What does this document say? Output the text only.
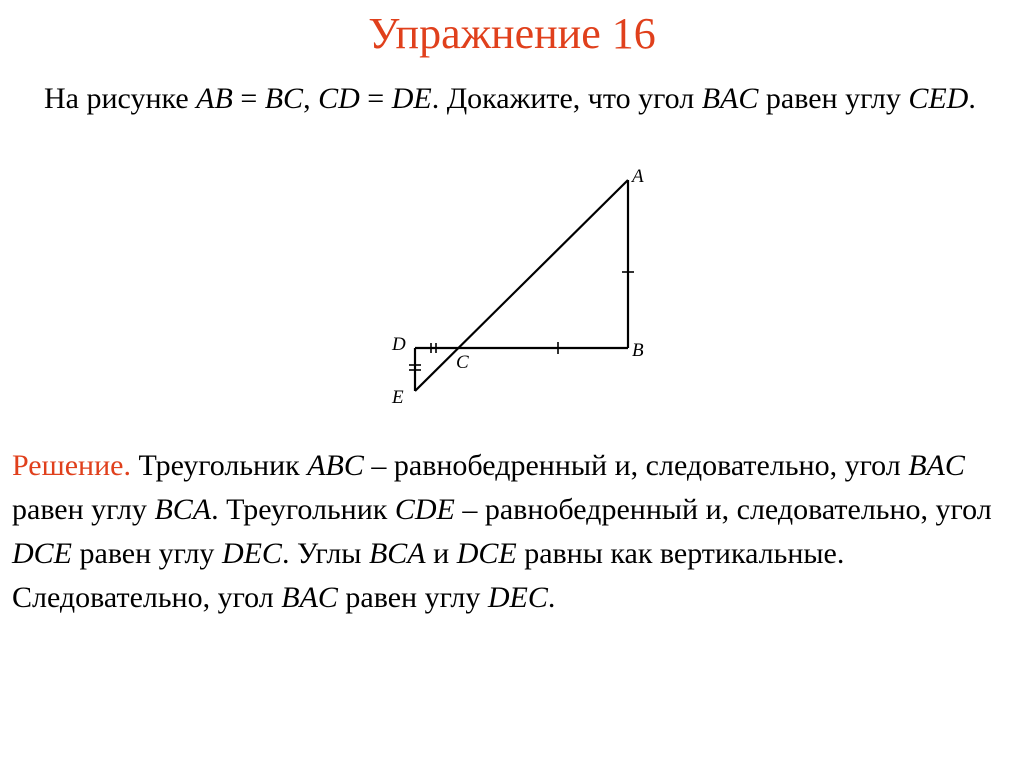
Упражнение 16
На рисунке AB = BC, CD = DE. Докажите, что угол BAC равен углу CED.
A
B
C
D
E
Решение. Треугольник ABC – равнобедренный и, следовательно, угол BAC равен углу BCA. Треугольник CDE – равнобедренный и, следовательно, угол DCE равен углу DEC. Углы BCA и DCE равны как вертикальные. Следовательно, угол BAC равен углу DEC.
